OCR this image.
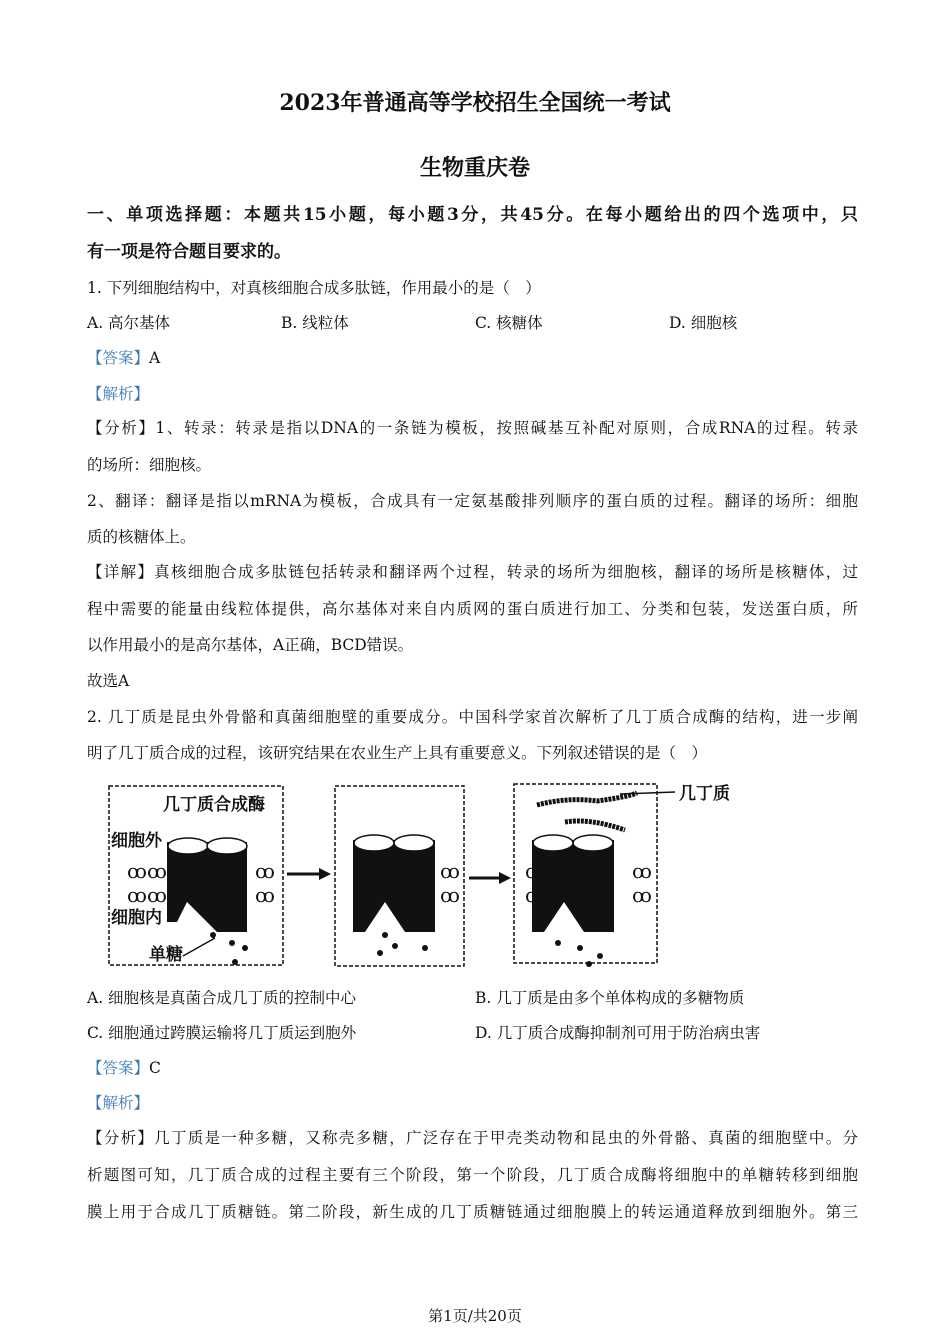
2023年普通高等学校招生全国统一考试
生物重庆卷
一、单项选择题：本题共15小题，每小题3分，共45分。在每小题给出的四个选项中，只
有一项是符合题目要求的。
1. 下列细胞结构中，对真核细胞合成多肽链，作用最小的是（　）
A. 高尔基体	B. 线粒体	C. 核糖体	D. 细胞核
【答案】A
【解析】
【分析】1、转录：转录是指以DNA的一条链为模板，按照碱基互补配对原则，合成RNA的过程。转录
的场所：细胞核。
2、翻译：翻译是指以mRNA为模板，合成具有一定氨基酸排列顺序的蛋白质的过程。翻译的场所：细胞
质的核糖体上。
【详解】真核细胞合成多肽链包括转录和翻译两个过程，转录的场所为细胞核，翻译的场所是核糖体，过
程中需要的能量由线粒体提供，高尔基体对来自内质网的蛋白质进行加工、分类和包装，发送蛋白质，所
以作用最小的是高尔基体，A正确，BCD错误。
故选A
2. 几丁质是昆虫外骨骼和真菌细胞壁的重要成分。中国科学家首次解析了几丁质合成酶的结构，进一步阐
明了几丁质合成的过程，该研究结果在农业生产上具有重要意义。下列叙述错误的是（　）
几丁质合成酶
细胞外
细胞内
单糖
几丁质
ꝏꝏ
ꝏꝏ
ꝏ
ꝏ
ꝏ
ꝏ
ꝏ
ꝏ
ꝏ
ꝏ
A. 细胞核是真菌合成几丁质的控制中心	B. 几丁质是由多个单体构成的多糖物质
C. 细胞通过跨膜运输将几丁质运到胞外	D. 几丁质合成酶抑制剂可用于防治病虫害
【答案】C
【解析】
【分析】几丁质是一种多糖，又称壳多糖，广泛存在于甲壳类动物和昆虫的外骨骼、真菌的细胞壁中。分
析题图可知，几丁质合成的过程主要有三个阶段，第一个阶段，几丁质合成酶将细胞中的单糖转移到细胞
膜上用于合成几丁质糖链。第二阶段，新生成的几丁质糖链通过细胞膜上的转运通道释放到细胞外。第三
第1页/共20页
